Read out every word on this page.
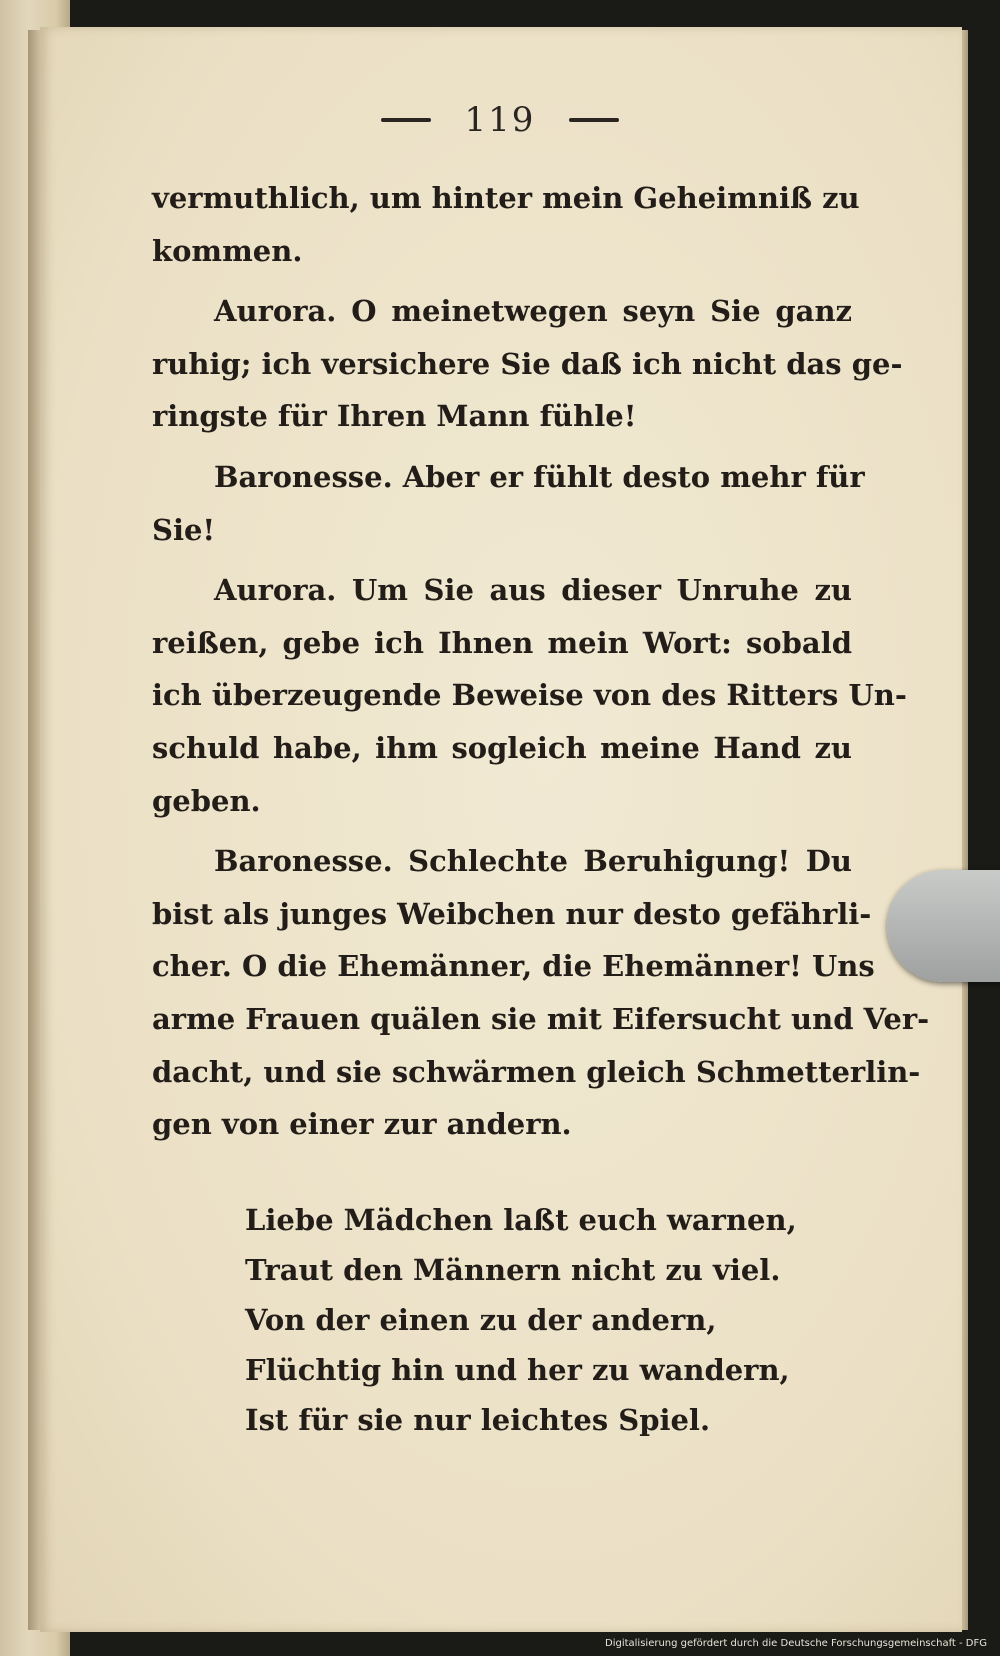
119
vermuthlich, um hinter mein Geheimniß zu
kommen.
Aurora. O meinetwegen seyn Sie ganz
ruhig; ich versichere Sie daß ich nicht das ge-
ringste für Ihren Mann fühle!
Baronesse. Aber er fühlt desto mehr für
Sie!
Aurora. Um Sie aus dieser Unruhe zu
reißen, gebe ich Ihnen mein Wort: sobald
ich überzeugende Beweise von des Ritters Un-
schuld habe, ihm sogleich meine Hand zu
geben.
Baronesse. Schlechte Beruhigung! Du
bist als junges Weibchen nur desto gefährli-
cher. O die Ehemänner, die Ehemänner! Uns
arme Frauen quälen sie mit Eifersucht und Ver-
dacht, und sie schwärmen gleich Schmetterlin-
gen von einer zur andern.
Liebe Mädchen laßt euch warnen,
Traut den Männern nicht zu viel.
Von der einen zu der andern,
Flüchtig hin und her zu wandern,
Ist für sie nur leichtes Spiel.
Digitalisierung gefördert durch die Deutsche Forschungsgemeinschaft - DFG
